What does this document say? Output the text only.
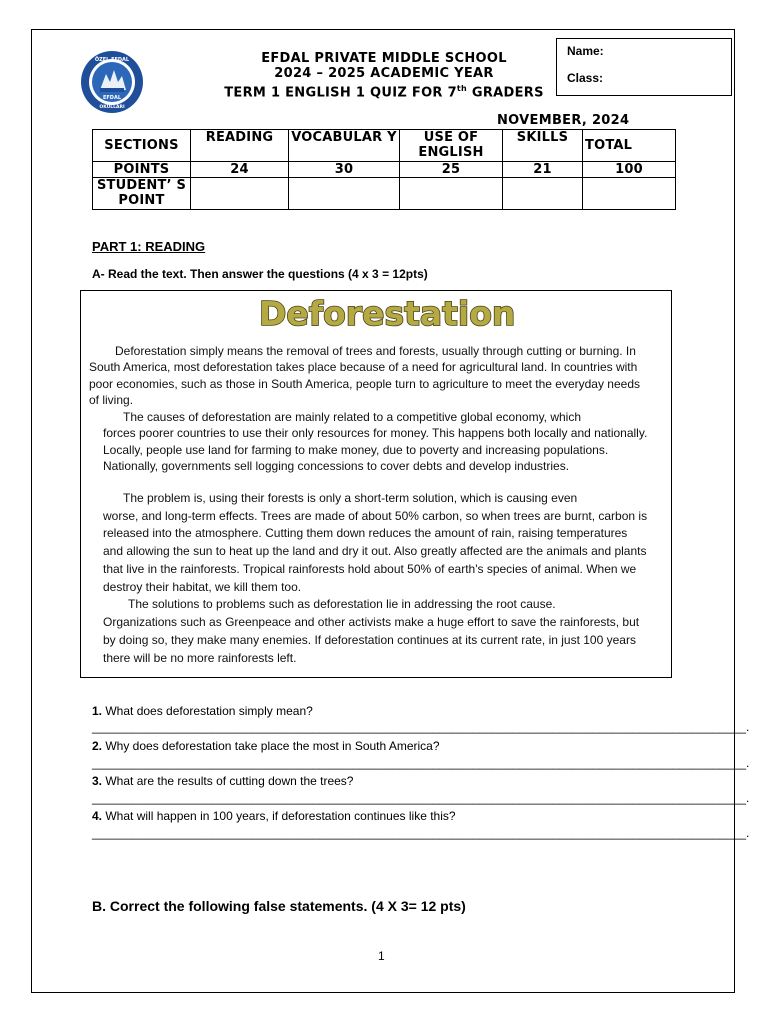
ÖZEL EFDAL
EFDAL
OKULLARI
EFDAL PRIVATE MIDDLE SCHOOL
2024 – 2025 ACADEMIC YEAR
TERM 1 ENGLISH 1 QUIZ FOR 7th GRADERS
Name:
Class:
NOVEMBER, 2024
SECTIONS	READING	VOCABULAR Y	USE OF ENGLISH	SKILLS	TOTAL
POINTS	24	30	25	21	100
STUDENT’ S POINT					
PART 1: READING
A- Read the text. Then answer the questions (4 x 3 = 12pts)
Deforestation
Deforestation simply means the removal of trees and forests, usually through cutting or burning. In South America, most deforestation takes place because of a need for agricultural land. In countries with poor economies, such as those in South America, people turn to agriculture to meet the everyday needs of living.
The causes of deforestation are mainly related to a competitive global economy, which
forces poorer countries to use their only resources for money. This happens both locally and nationally. Locally, people use land for farming to make money, due to poverty and increasing populations. Nationally, governments sell logging concessions to cover debts and develop industries.
The problem is, using their forests is only a short-term solution, which is causing even
worse, and long-term effects. Trees are made of about 50% carbon, so when trees are burnt, carbon is released into the atmosphere. Cutting them down reduces the amount of rain, raising temperatures and allowing the sun to heat up the land and dry it out. Also greatly affected are the animals and plants that live in the rainforests. Tropical rainforests hold about 50% of earth's species of animal. When we destroy their habitat, we kill them too.
The solutions to problems such as deforestation lie in addressing the root cause.
Organizations such as Greenpeace and other activists make a huge effort to save the rainforests, but by doing so, they make many enemies. If deforestation continues at its current rate, in just 100 years there will be no more rainforests left.
1. What does deforestation simply mean?
__________________________________________________________________________________________________.
2. Why does deforestation take place the most in South America?
__________________________________________________________________________________________________.
3. What are the results of cutting down the trees?
__________________________________________________________________________________________________.
4. What will happen in 100 years, if deforestation continues like this?
__________________________________________________________________________________________________.
B. Correct the following false statements. (4 X 3= 12 pts)
1
